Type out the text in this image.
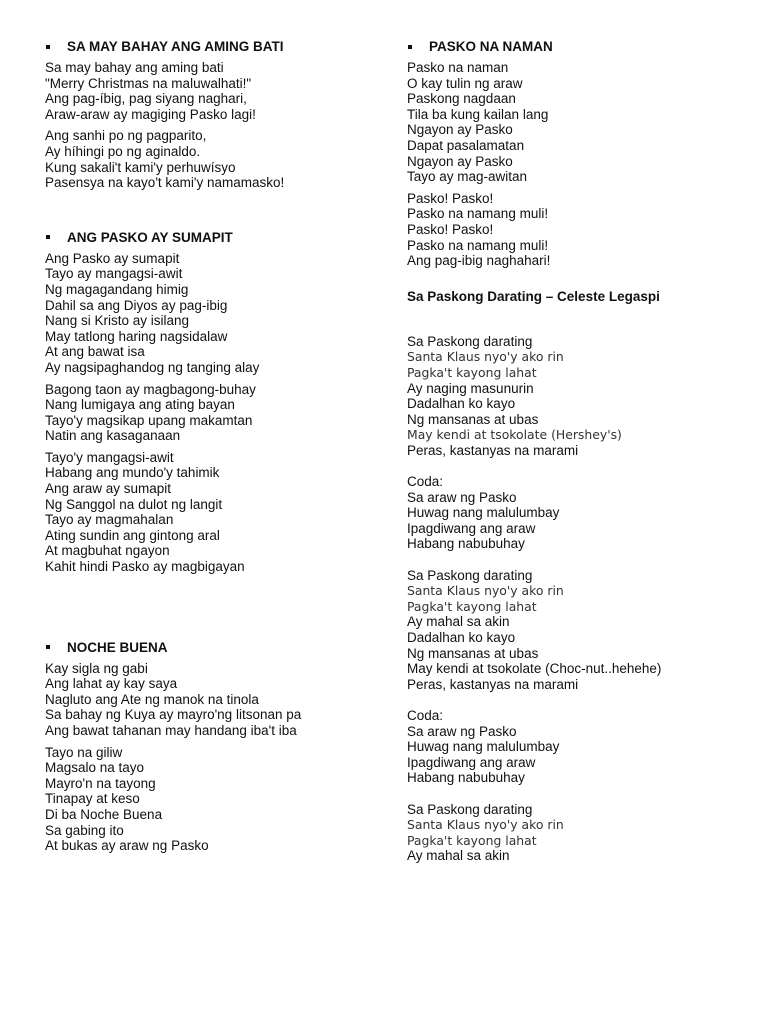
SA MAY BAHAY ANG AMING BATI
Sa may bahay ang aming bati
"Merry Christmas na maluwalhati!"
Ang pag-íbig, pag siyang naghari,
Araw-araw ay magiging Pasko lagi!
Ang sanhi po ng pagparito,
Ay híhingi po ng aginaldo.
Kung sakali't kami'y perhuwísyo
Pasensya na kayo't kami'y namamasko!
ANG PASKO AY SUMAPIT
Ang Pasko ay sumapit
Tayo ay mangagsi-awit
Ng magagandang himig
Dahil sa ang Diyos ay pag-ibig
Nang si Kristo ay isilang
May tatlong haring nagsidalaw
At ang bawat isa
Ay nagsipaghandog ng tanging alay
Bagong taon ay magbagong-buhay
Nang lumigaya ang ating bayan
Tayo'y magsikap upang makamtan
Natin ang kasaganaan
Tayo'y mangagsi-awit
Habang ang mundo'y tahimik
Ang araw ay sumapit
Ng Sanggol na dulot ng langit
Tayo ay magmahalan
Ating sundin ang gintong aral
At magbuhat ngayon
Kahit hindi Pasko ay magbigayan
NOCHE BUENA
Kay sigla ng gabi
Ang lahat ay kay saya
Nagluto ang Ate ng manok na tinola
Sa bahay ng Kuya ay mayro'ng litsonan pa
Ang bawat tahanan may handang iba't iba
Tayo na giliw
Magsalo na tayo
Mayro'n na tayong
Tinapay at keso
Di ba Noche Buena
Sa gabing ito
At bukas ay araw ng Pasko
PASKO NA NAMAN
Pasko na naman
O kay tulin ng araw
Paskong nagdaan
Tila ba kung kailan lang
Ngayon ay Pasko
Dapat pasalamatan
Ngayon ay Pasko
Tayo ay mag-awitan
Pasko! Pasko!
Pasko na namang muli!
Pasko! Pasko!
Pasko na namang muli!
Ang pag-ibig naghahari!
Sa Paskong Darating – Celeste Legaspi
Sa Paskong darating
Santa Klaus nyo'y ako rin
Pagka't kayong lahat
Ay naging masunurin
Dadalhan ko kayo
Ng mansanas at ubas
May kendi at tsokolate (Hershey's)
Peras, kastanyas na marami
Coda:
Sa araw ng Pasko
Huwag nang malulumbay
Ipagdiwang ang araw
Habang nabubuhay
Sa Paskong darating
Santa Klaus nyo'y ako rin
Pagka't kayong lahat
Ay mahal sa akin
Dadalhan ko kayo
Ng mansanas at ubas
May kendi at tsokolate (Choc-nut..hehehe)
Peras, kastanyas na marami
Coda:
Sa araw ng Pasko
Huwag nang malulumbay
Ipagdiwang ang araw
Habang nabubuhay
Sa Paskong darating
Santa Klaus nyo'y ako rin
Pagka't kayong lahat
Ay mahal sa akin
